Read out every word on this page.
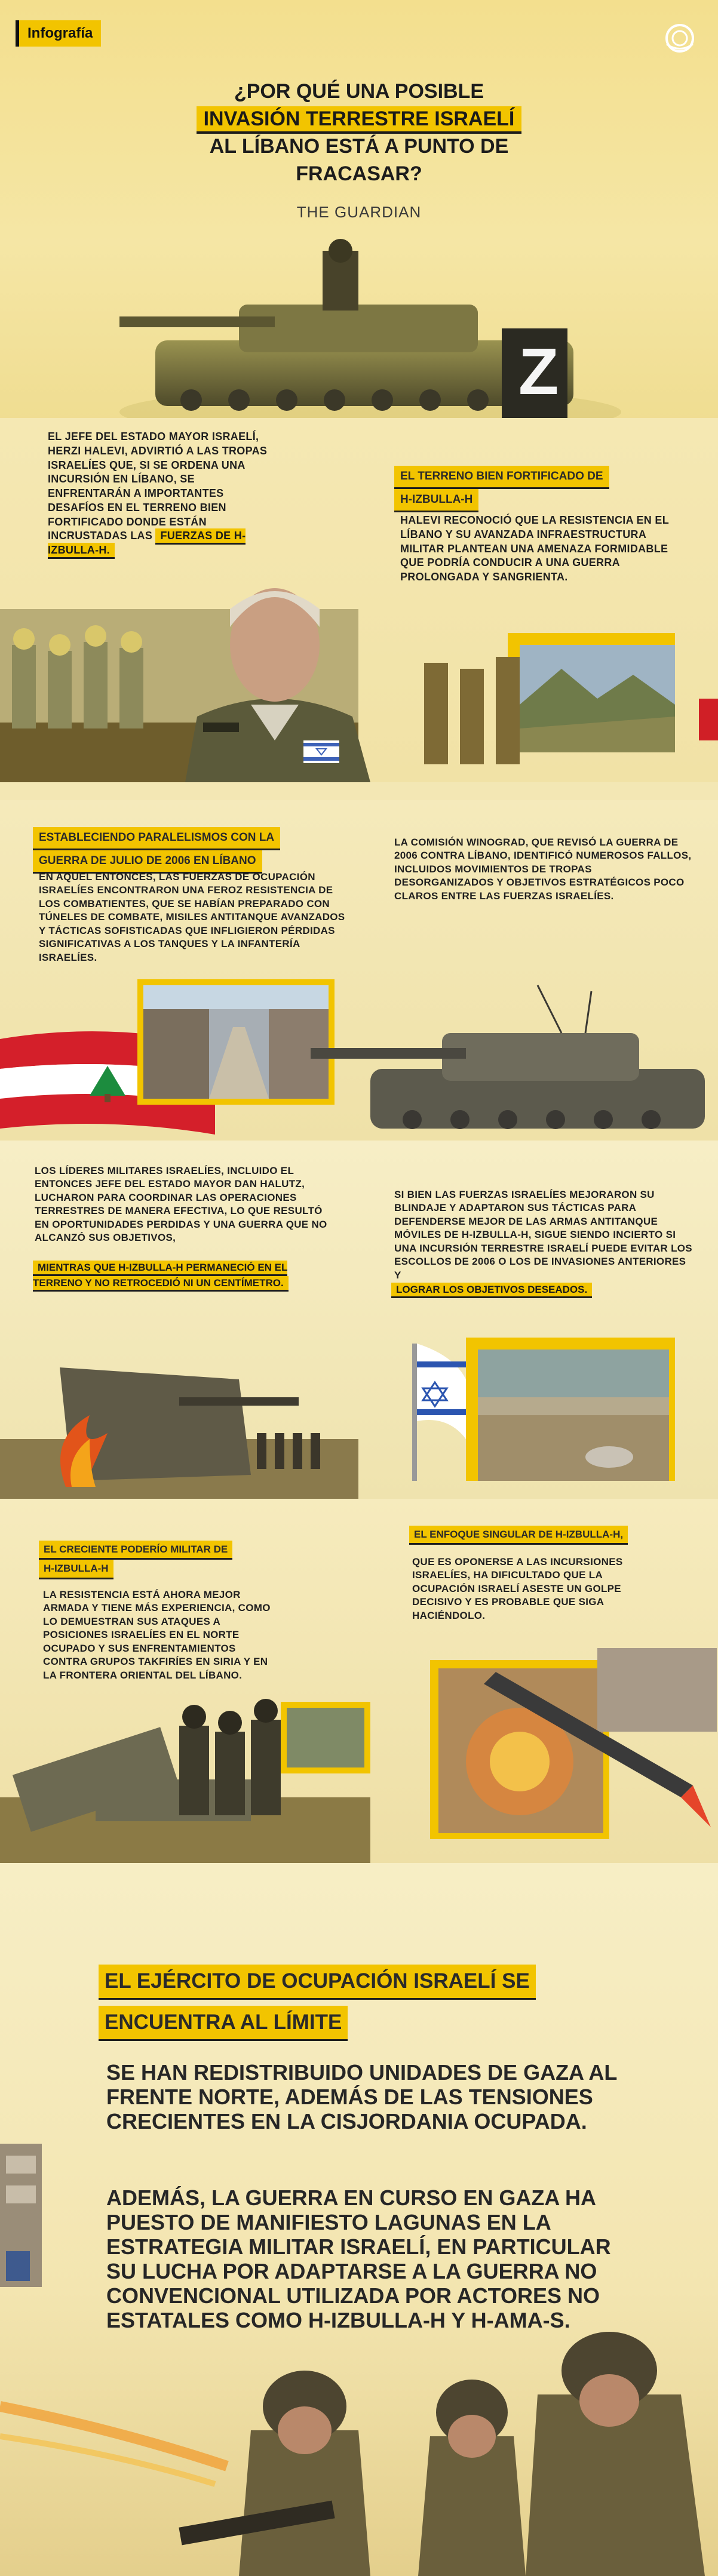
Infografía
¿POR QUÉ UNA POSIBLE
INVASIÓN TERRESTRE ISRAELÍ
AL LÍBANO ESTÁ A PUNTO DE
FRACASAR?
THE GUARDIAN
Z
EL JEFE DEL ESTADO MAYOR ISRAELÍ, HERZI HALEVI, ADVIRTIÓ A LAS TROPAS ISRAELÍES QUE, SI SE ORDENA UNA INCURSIÓN EN LÍBANO, SE ENFRENTARÁN A IMPORTANTES DESAFÍOS EN EL TERRENO BIEN FORTIFICADO DONDE ESTÁN INCRUSTADAS LAS FUERZAS DE H-IZBULLA-H.
EL TERRENO BIEN FORTIFICADO DE
H-IZBULLA-H
HALEVI RECONOCIÓ QUE LA RESISTENCIA EN EL LÍBANO Y SU AVANZADA INFRAESTRUCTURA MILITAR PLANTEAN UNA AMENAZA FORMIDABLE QUE PODRÍA CONDUCIR A UNA GUERRA PROLONGADA Y SANGRIENTA.
ESTABLECIENDO PARALELISMOS CON LA
GUERRA DE JULIO DE 2006 EN LÍBANO
EN AQUEL ENTONCES, LAS FUERZAS DE OCUPACIÓN ISRAELÍES ENCONTRARON UNA FEROZ RESISTENCIA DE LOS COMBATIENTES, QUE SE HABÍAN PREPARADO CON TÚNELES DE COMBATE, MISILES ANTITANQUE AVANZADOS Y TÁCTICAS SOFISTICADAS QUE INFLIGIERON PÉRDIDAS SIGNIFICATIVAS A LOS TANQUES Y LA INFANTERÍA ISRAELÍES.
LA COMISIÓN WINOGRAD, QUE REVISÓ LA GUERRA DE 2006 CONTRA LÍBANO, IDENTIFICÓ NUMEROSOS FALLOS, INCLUIDOS MOVIMIENTOS DE TROPAS DESORGANIZADOS Y OBJETIVOS ESTRATÉGICOS POCO CLAROS ENTRE LAS FUERZAS ISRAELÍES.
LOS LÍDERES MILITARES ISRAELÍES, INCLUIDO EL ENTONCES JEFE DEL ESTADO MAYOR DAN HALUTZ, LUCHARON PARA COORDINAR LAS OPERACIONES TERRESTRES DE MANERA EFECTIVA, LO QUE RESULTÓ EN OPORTUNIDADES PERDIDAS Y UNA GUERRA QUE NO ALCANZÓ SUS OBJETIVOS,
MIENTRAS QUE H-IZBULLA-H PERMANECIÓ EN EL TERRENO Y NO RETROCEDIÓ NI UN CENTÍMETRO.
SI BIEN LAS FUERZAS ISRAELÍES MEJORARON SU BLINDAJE Y ADAPTARON SUS TÁCTICAS PARA DEFENDERSE MEJOR DE LAS ARMAS ANTITANQUE MÓVILES DE H-IZBULLA-H, SIGUE SIENDO INCIERTO SI UNA INCURSIÓN TERRESTRE ISRAELÍ PUEDE EVITAR LOS ESCOLLOS DE 2006 O LOS DE INVASIONES ANTERIORES Y
LOGRAR LOS OBJETIVOS DESEADOS.
EL CRECIENTE PODERÍO MILITAR DE
H-IZBULLA-H
LA RESISTENCIA ESTÁ AHORA MEJOR ARMADA Y TIENE MÁS EXPERIENCIA, COMO LO DEMUESTRAN SUS ATAQUES A POSICIONES ISRAELÍES EN EL NORTE OCUPADO Y SUS ENFRENTAMIENTOS CONTRA GRUPOS TAKFIRÍES EN SIRIA Y EN LA FRONTERA ORIENTAL DEL LÍBANO.
EL ENFOQUE SINGULAR DE H-IZBULLA-H,
QUE ES OPONERSE A LAS INCURSIONES ISRAELÍES, HA DIFICULTADO QUE LA OCUPACIÓN ISRAELÍ ASESTE UN GOLPE DECISIVO Y ES PROBABLE QUE SIGA HACIÉNDOLO.
EL EJÉRCITO DE OCUPACIÓN ISRAELÍ SE
ENCUENTRA AL LÍMITE
SE HAN REDISTRIBUIDO UNIDADES DE GAZA AL FRENTE NORTE, ADEMÁS DE LAS TENSIONES CRECIENTES EN LA CISJORDANIA OCUPADA.
ADEMÁS, LA GUERRA EN CURSO EN GAZA HA PUESTO DE MANIFIESTO LAGUNAS EN LA ESTRATEGIA MILITAR ISRAELÍ, EN PARTICULAR SU LUCHA POR ADAPTARSE A LA GUERRA NO CONVENCIONAL UTILIZADA POR ACTORES NO ESTATALES COMO H-IZBULLA-H Y H-AMA-S.
